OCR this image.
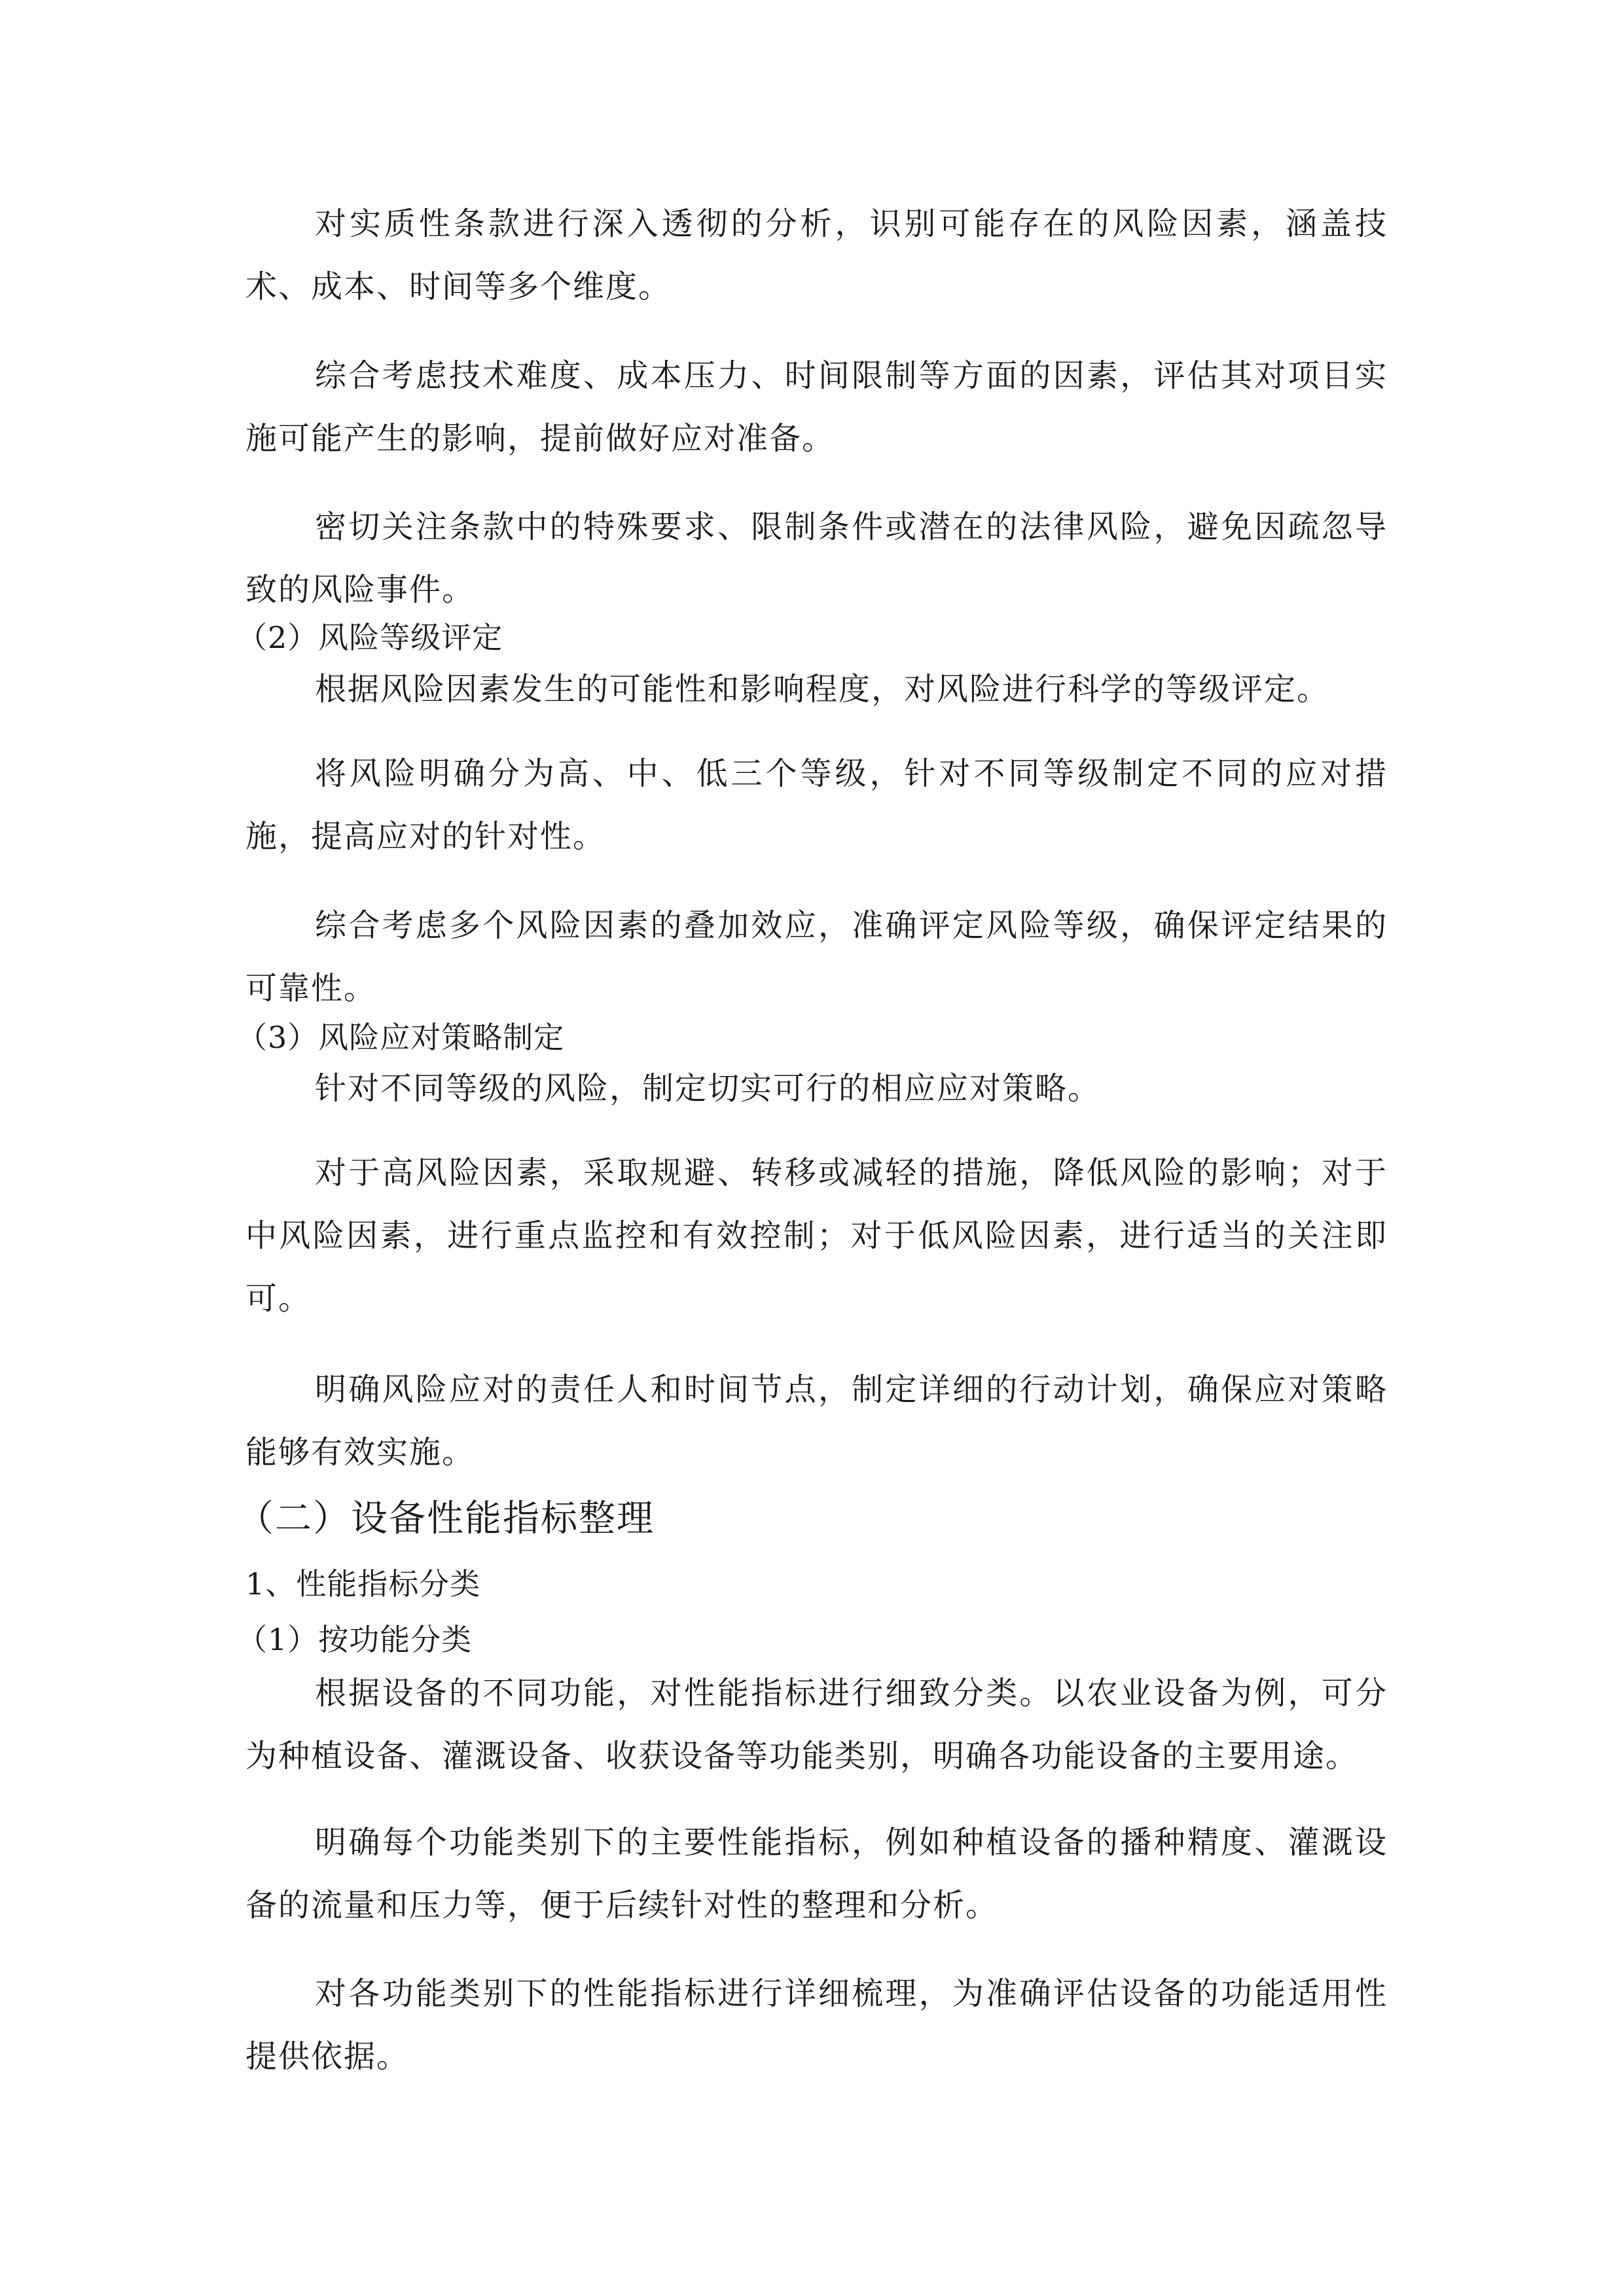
对实质性条款进行深入透彻的分析，识别可能存在的风险因素，涵盖技术、成本、时间等多个维度。

综合考虑技术难度、成本压力、时间限制等方面的因素，评估其对项目实施可能产生的影响，提前做好应对准备。

密切关注条款中的特殊要求、限制条件或潜在的法律风险，避免因疏忽导致的风险事件。

（2）风险等级评定

根据风险因素发生的可能性和影响程度，对风险进行科学的等级评定。

将风险明确分为高、中、低三个等级，针对不同等级制定不同的应对措施，提高应对的针对性。

综合考虑多个风险因素的叠加效应，准确评定风险等级，确保评定结果的可靠性。

（3）风险应对策略制定

针对不同等级的风险，制定切实可行的相应应对策略。

对于高风险因素，采取规避、转移或减轻的措施，降低风险的影响；对于中风险因素，进行重点监控和有效控制；对于低风险因素，进行适当的关注即可。

明确风险应对的责任人和时间节点，制定详细的行动计划，确保应对策略能够有效实施。

（二）设备性能指标整理
1、性能指标分类
（1）按功能分类

根据设备的不同功能，对性能指标进行细致分类。以农业设备为例，可分为种植设备、灌溉设备、收获设备等功能类别，明确各功能设备的主要用途。

明确每个功能类别下的主要性能指标，例如种植设备的播种精度、灌溉设备的流量和压力等，便于后续针对性的整理和分析。

对各功能类别下的性能指标进行详细梳理，为准确评估设备的功能适用性提供依据。
